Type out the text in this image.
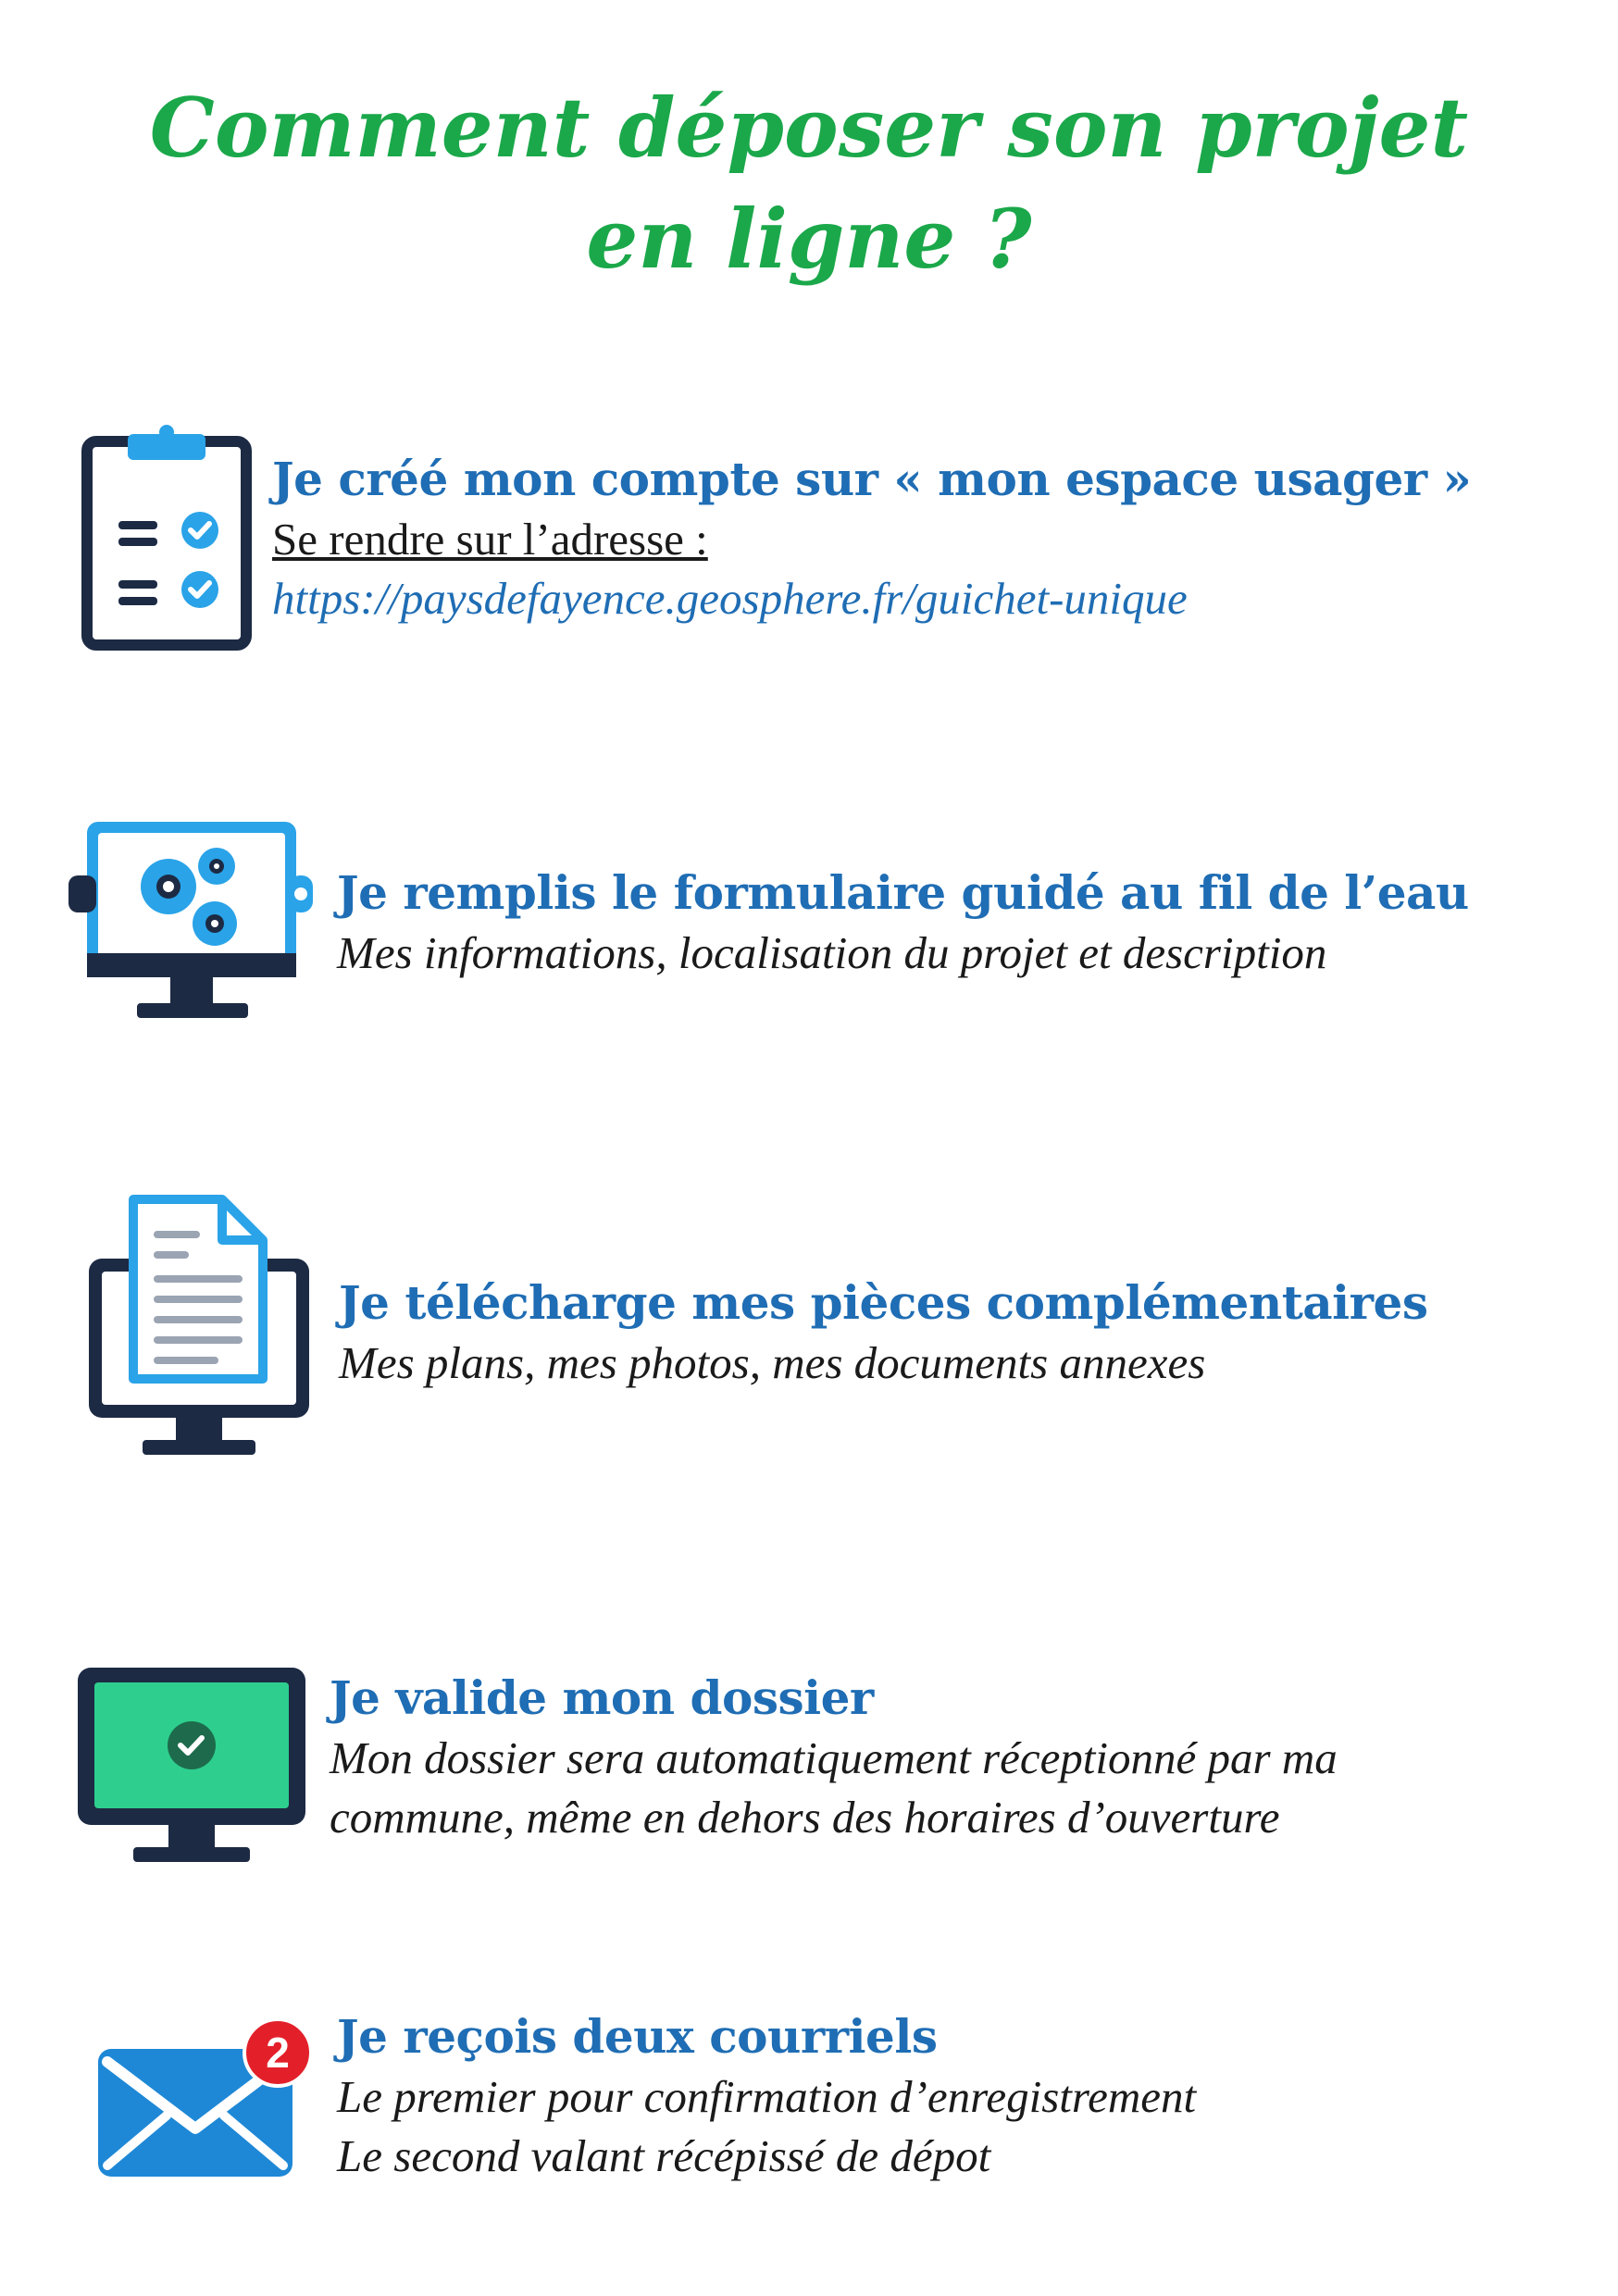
Comment déposer son projet
en ligne ?
Je créé mon compte sur « mon espace usager »
Se rendre sur l’adresse :
https://paysdefayence.geosphere.fr/guichet-unique
Je remplis le formulaire guidé au fil de l’eau
Mes informations, localisation du projet et description
Je télécharge mes pièces complémentaires
Mes plans, mes photos, mes documents annexes
Je valide mon dossier
Mon dossier sera automatiquement réceptionné par ma
commune, même en dehors des horaires d’ouverture
2	Je reçois deux courriels
Le premier pour confirmation d’enregistrement
Le second valant récépissé de dépot
